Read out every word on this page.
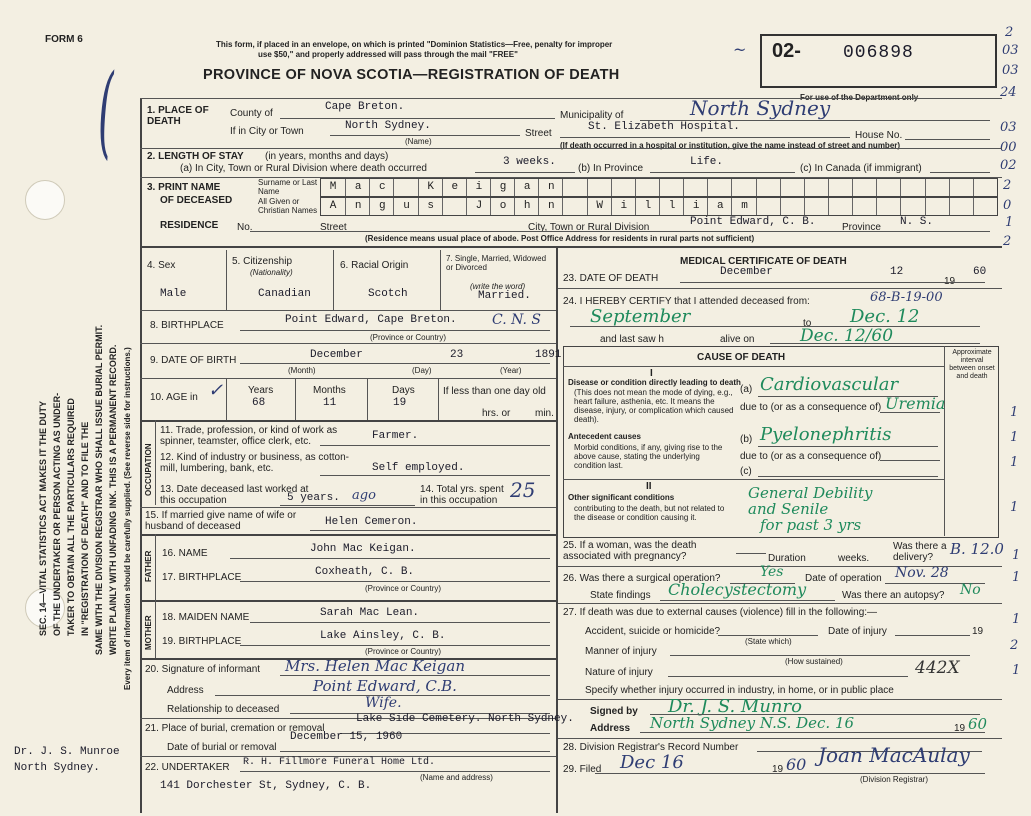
FORM 6	This form, if placed in an envelope, on which is printed "Dominion Statistics—Free, penalty for improper
use $50," and properly addressed will pass through the mail "FREE"
PROVINCE OF NOVA SCOTIA—REGISTRATION OF DEATH
02- 006898
~
For use of the Department only
2
03
03
24
03
00
02
2
0
1
2
1
1
1
1
1
1
1
2
1
SEC. 14—VITAL STATISTICS ACT MAKES IT THE DUTY OF THE UNDERTAKER OR PERSON ACTING AS UNDER- TAKER TO OBTAIN ALL THE PARTICULARS REQUIRED IN "REGISTRATION OF DEATH" AND TO FILE THE SAME WITH THE DIVISION REGISTRAR WHO SHALL ISSUE BURIAL PERMIT. WRITE PLAINLY WITH UNFADING INK. THIS IS A PERMANENT RECORD. Every item of information should be carefully supplied. (See reverse side for instructions.)
(	1. PLACE OF DEATH
County of
Cape Breton.
Municipality of	North Sydney
If in City or Town	North Sydney.
(Name)
Street
St. Elizabeth Hospital.
House No.
(If death occurred in a hospital or institution, give the name instead of street and number)
2. LENGTH OF STAY (in years, months and days)
(a) In City, Town or Rural Division where death occurred
3 weeks.
(b) In Province
Life.
(c) In Canada (if immigrant)
3. PRINT NAME
OF DECEASED
Surname or Last Name
All Given or Christian Names
M	a	c	K	e	i	g	a	n
A	n	g	u	s	J	o	h	n	W	i	l	l	i	a	m
RESIDENCE No.	Street	City, Town or Rural Division	Point Edward, C. B.	Province N. S.
(Residence means usual place of abode. Post Office Address for residents in rural parts not sufficient)
4. Sex	5. Citizenship
(Nationality)
6. Racial Origin
7. Single, Married, Widowed or Divorced
(write the word)
Male	Canadian	Scotch	Married.
8. BIRTHPLACE	Point Edward, Cape Breton.	C. N. S
(Province or Country)
9. DATE OF BIRTH	December	23	1891
(Month)	(Day)	(Year)
10. AGE in ✓ Years	Months	Days
68	11	19
If less than one day old
hrs. or min.
OCCUPATION
11. Trade, profession, or kind of work as spinner, teamster, office clerk, etc.	Farmer.
12. Kind of industry or business, as cotton-mill, lumbering, bank, etc.	Self employed.
13. Date deceased last worked at this occupation	5 years. ago	14. Total yrs. spent in this occupation 25
15. If married give name of wife or husband of deceased	Helen Cemeron.
FATHER 16. NAME	John Mac Keigan.
17. BIRTHPLACE	Coxheath, C. B.
(Province or Country)
MOTHER 18. MAIDEN NAME	Sarah Mac Lean.
19. BIRTHPLACE	Lake Ainsley, C. B.
(Province or Country)
20. Signature of informant Mrs. Helen Mac Keigan
Address	Point Edward, C.B.
Relationship to deceased	Wife.
21. Place of burial, cremation or removal
Lake Side Cemetery. North Sydney.
December 15, 1960
Date of burial or removal
22. UNDERTAKER R. H. Fillmore Funeral Home Ltd.
(Name and address)
141 Dorchester St, Sydney, C. B.
Dr. J. S. Munroe
North Sydney.
MEDICAL CERTIFICATE OF DEATH
23. DATE OF DEATH
December	12
19
60
24. I HEREBY CERTIFY that I attended deceased from:	68-B-19-00
September	to Dec. 12
and last saw h	alive on	Dec. 12/60
CAUSE OF DEATH	Approximate interval between onset and death
I
Disease or condition directly leading to death
(This does not mean the mode of dying, e.g., heart failure, asthenia, etc. It means the disease, injury, or complication which caused death).
(a) Cardiovascular
due to (or as a consequence of) Uremia
Antecedent causes
Morbid conditions, if any, giving rise to the above cause, stating the underlying condition last.
(b) Pyelonephritis
due to (or as a consequence of)
(c)
II
Other significant conditions
contributing to the death, but not related to the disease or condition causing it.
General Debility
and Senile
for past 3 yrs
25. If a woman, was the death associated with pregnancy?	Duration	weeks.
Was there a delivery?	B. 12.0
26. Was there a surgical operation?	Yes Date of operation Nov. 28
State findings Cholecystectomy	Was there an autopsy? No
27. If death was due to external causes (violence) fill in the following:—
Accident, suicide or homicide?
(State which)
Date of injury	19
Manner of injury
(How sustained)
Nature of injury	442X
Specify whether injury occurred in industry, in home, or in public place
Signed by Dr. J. S. Munro
Address North Sydney N.S. Dec. 16	19 60
28. Division Registrar's Record Number
29. Filed Dec 16	19 60 Joan MacAulay
(Division Registrar)
